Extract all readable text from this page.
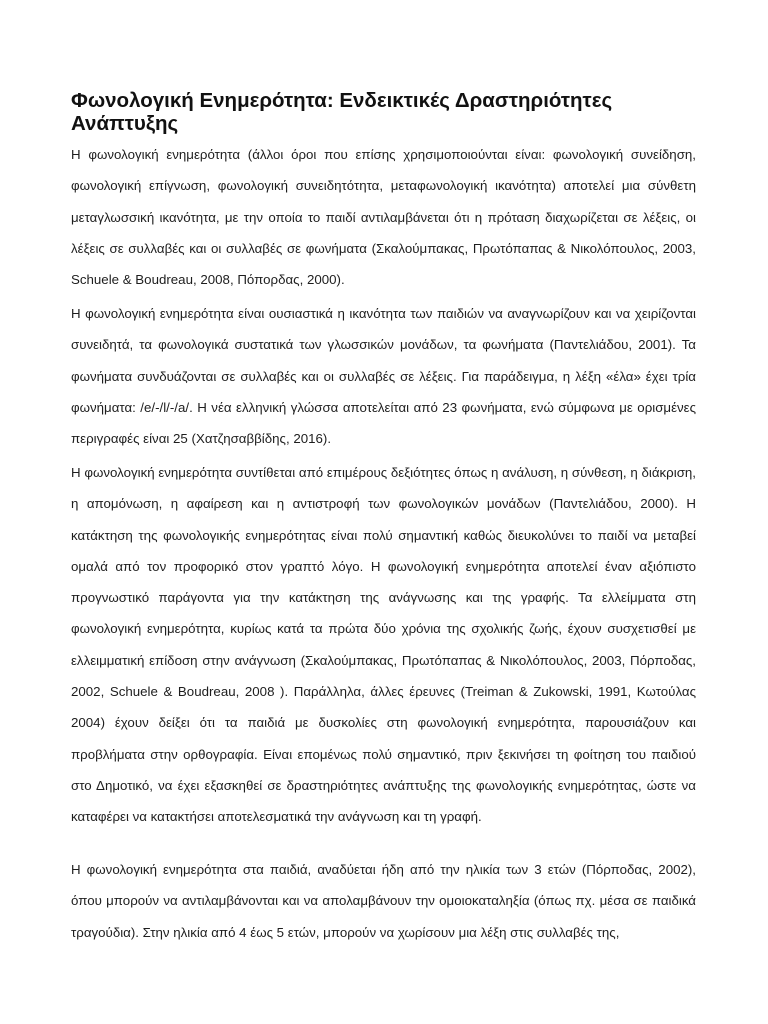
Φωνολογική Ενημερότητα: Ενδεικτικές Δραστηριότητες Ανάπτυξης

Η φωνολογική ενημερότητα (άλλοι όροι που επίσης χρησιμοποιούνται είναι: φωνολογική συνείδηση, φωνολογική επίγνωση, φωνολογική συνειδητότητα, μεταφωνολογική ικανότητα) αποτελεί μια σύνθετη μεταγλωσσική ικανότητα, με την οποία το παιδί αντιλαμβάνεται ότι η πρόταση διαχωρίζεται σε λέξεις, οι λέξεις σε συλλαβές και οι συλλαβές σε φωνήματα (Σκαλούμπακας, Πρωτόπαπας & Νικολόπουλος, 2003, Schuele & Boudreau, 2008, Πόπορδας, 2000).

Η φωνολογική ενημερότητα είναι ουσιαστικά η ικανότητα των παιδιών να αναγνωρίζουν και να χειρίζονται συνειδητά, τα φωνολογικά συστατικά των γλωσσικών μονάδων, τα φωνήματα (Παντελιάδου, 2001). Τα φωνήματα συνδυάζονται σε συλλαβές και οι συλλαβές σε λέξεις. Για παράδειγμα, η λέξη «έλα» έχει τρία φωνήματα: /e/-/l/-/a/. Η νέα ελληνική γλώσσα αποτελείται από 23 φωνήματα, ενώ σύμφωνα με ορισμένες περιγραφές είναι 25 (Χατζησαββίδης, 2016).

Η φωνολογική ενημερότητα συντίθεται από επιμέρους δεξιότητες όπως η ανάλυση, η σύνθεση, η διάκριση, η απομόνωση, η αφαίρεση και η αντιστροφή των φωνολογικών μονάδων (Παντελιάδου, 2000). Η κατάκτηση της φωνολογικής ενημερότητας είναι πολύ σημαντική καθώς διευκολύνει το παιδί να μεταβεί ομαλά από τον προφορικό στον γραπτό λόγο. Η φωνολογική ενημερότητα αποτελεί έναν αξιόπιστο προγνωστικό παράγοντα για την κατάκτηση της ανάγνωσης και της γραφής. Τα ελλείμματα στη φωνολογική ενημερότητα, κυρίως κατά τα πρώτα δύο χρόνια της σχολικής ζωής, έχουν συσχετισθεί με ελλειμματική επίδοση στην ανάγνωση (Σκαλούμπακας, Πρωτόπαπας & Νικολόπουλος, 2003, Πόρποδας, 2002, Schuele & Boudreau, 2008 ). Παράλληλα, άλλες έρευνες (Treiman & Zukowski, 1991, Κωτούλας 2004) έχουν δείξει ότι τα παιδιά με δυσκολίες στη φωνολογική ενημερότητα, παρουσιάζουν και προβλήματα στην ορθογραφία. Είναι επομένως πολύ σημαντικό, πριν ξεκινήσει τη φοίτηση του παιδιού στο Δημοτικό, να έχει εξασκηθεί σε δραστηριότητες ανάπτυξης της φωνολογικής ενημερότητας, ώστε να καταφέρει να κατακτήσει αποτελεσματικά την ανάγνωση και τη γραφή.

Η φωνολογική ενημερότητα στα παιδιά, αναδύεται ήδη από την ηλικία των 3 ετών (Πόρποδας, 2002), όπου μπορούν να αντιλαμβάνονται και να απολαμβάνουν την ομοιοκαταληξία (όπως πχ. μέσα σε παιδικά τραγούδια). Στην ηλικία από 4 έως 5 ετών, μπορούν να χωρίσουν μια λέξη στις συλλαβές της,
